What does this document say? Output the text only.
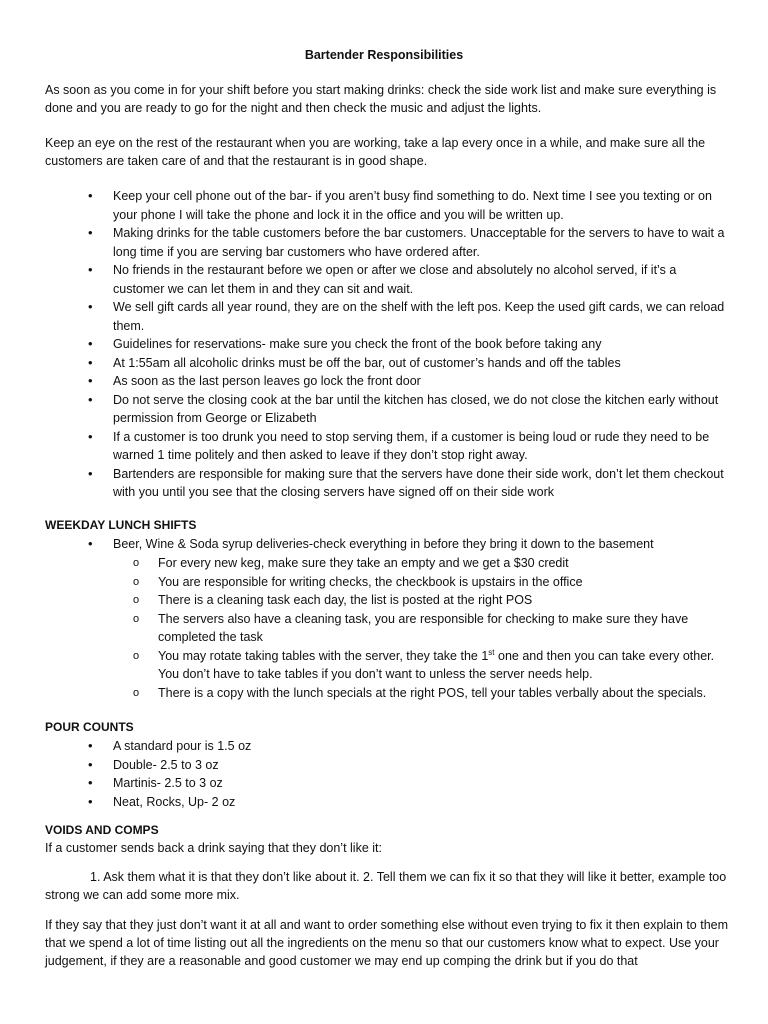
Bartender Responsibilities
As soon as you come in for your shift before you start making drinks: check the side work list and make sure everything is done and you are ready to go for the night and then check the music and adjust the lights.
Keep an eye on the rest of the restaurant when you are working, take a lap every once in a while, and make sure all the customers are taken care of and that the restaurant is in good shape.
• Keep your cell phone out of the bar- if you aren’t busy find something to do. Next time I see you texting or on your phone I will take the phone and lock it in the office and you will be written up.
• Making drinks for the table customers before the bar customers. Unacceptable for the servers to have to wait a long time if you are serving bar customers who have ordered after.
• No friends in the restaurant before we open or after we close and absolutely no alcohol served, if it’s a customer we can let them in and they can sit and wait.
• We sell gift cards all year round, they are on the shelf with the left pos. Keep the used gift cards, we can reload them.
• Guidelines for reservations- make sure you check the front of the book before taking any
• At 1:55am all alcoholic drinks must be off the bar, out of customer’s hands and off the tables
• As soon as the last person leaves go lock the front door
• Do not serve the closing cook at the bar until the kitchen has closed, we do not close the kitchen early without permission from George or Elizabeth
• If a customer is too drunk you need to stop serving them, if a customer is being loud or rude they need to be warned 1 time politely and then asked to leave if they don’t stop right away.
• Bartenders are responsible for making sure that the servers have done their side work, don’t let them checkout with you until you see that the closing servers have signed off on their side work
WEEKDAY LUNCH SHIFTS
• Beer, Wine & Soda syrup deliveries-check everything in before they bring it down to the basement
o For every new keg, make sure they take an empty and we get a $30 credit
o You are responsible for writing checks, the checkbook is upstairs in the office
o There is a cleaning task each day, the list is posted at the right POS
o The servers also have a cleaning task, you are responsible for checking to make sure they have completed the task
o You may rotate taking tables with the server, they take the 1st one and then you can take every other. You don’t have to take tables if you don’t want to unless the server needs help.
o There is a copy with the lunch specials at the right POS, tell your tables verbally about the specials.
POUR COUNTS
• A standard pour is 1.5 oz
• Double- 2.5 to 3 oz
• Martinis- 2.5 to 3 oz
• Neat, Rocks, Up- 2 oz
VOIDS AND COMPS
If a customer sends back a drink saying that they don’t like it:
1. Ask them what it is that they don’t like about it. 2. Tell them we can fix it so that they will like it better, example too strong we can add some more mix.
If they say that they just don’t want it at all and want to order something else without even trying to fix it then explain to them that we spend a lot of time listing out all the ingredients on the menu so that our customers know what to expect. Use your judgement, if they are a reasonable and good customer we may end up comping the drink but if you do that
